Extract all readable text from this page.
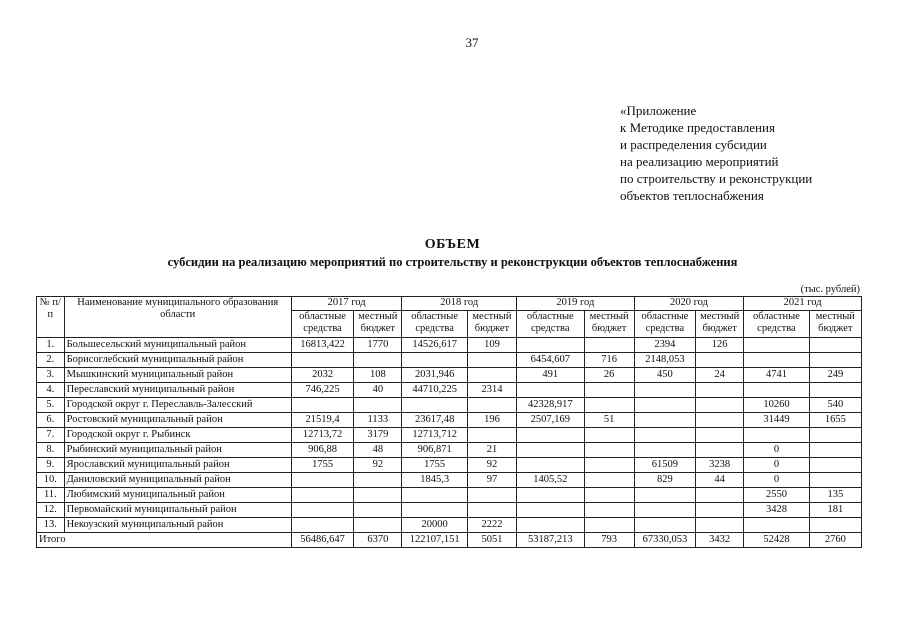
37
«Приложение
к Методике предоставления
и распределения субсидии
на реализацию мероприятий
по строительству и реконструкции
объектов теплоснабжения
ОБЪЕМ
субсидии на реализацию мероприятий по строительству и реконструкции объектов теплоснабжения
(тыс. рублей)
№ п/п	Наименование муниципального образования области	2017 год		2018 год		2019 год		2020 год		2021 год	
		областные средства	местный бюджет	областные средства	местный бюджет	областные средства	местный бюджет	областные средства	местный бюджет	областные средства	местный бюджет
1.	Большесельский муниципальный район	16813,422	1770	14526,617	109			2394	126		
2.	Борисоглебский муниципальный район					6454,607	716	2148,053			
3.	Мышкинский муниципальный район	2032	108	2031,946		491	26	450	24	4741	249
4.	Переславский муниципальный район	746,225	40	44710,225	2314						
5.	Городской округ г. Переславль-Залесский					42328,917				10260	540
6.	Ростовский муниципальный район	21519,4	1133	23617,48	196	2507,169	51			31449	1655
7.	Городской округ г. Рыбинск	12713,72	3179	12713,712							
8.	Рыбинский муниципальный район	906,88	48	906,871	21					0	
9.	Ярославский муниципальный район	1755	92	1755	92			61509	3238	0	
10.	Даниловский муниципальный район			1845,3	97	1405,52		829	44	0	
11.	Любимский муниципальный район									2550	135
12.	Первомайский муниципальный район									3428	181
13.	Некоузский муниципальный район			20000	2222						
Итого		56486,647	6370	122107,151	5051	53187,213	793	67330,053	3432	52428	2760
